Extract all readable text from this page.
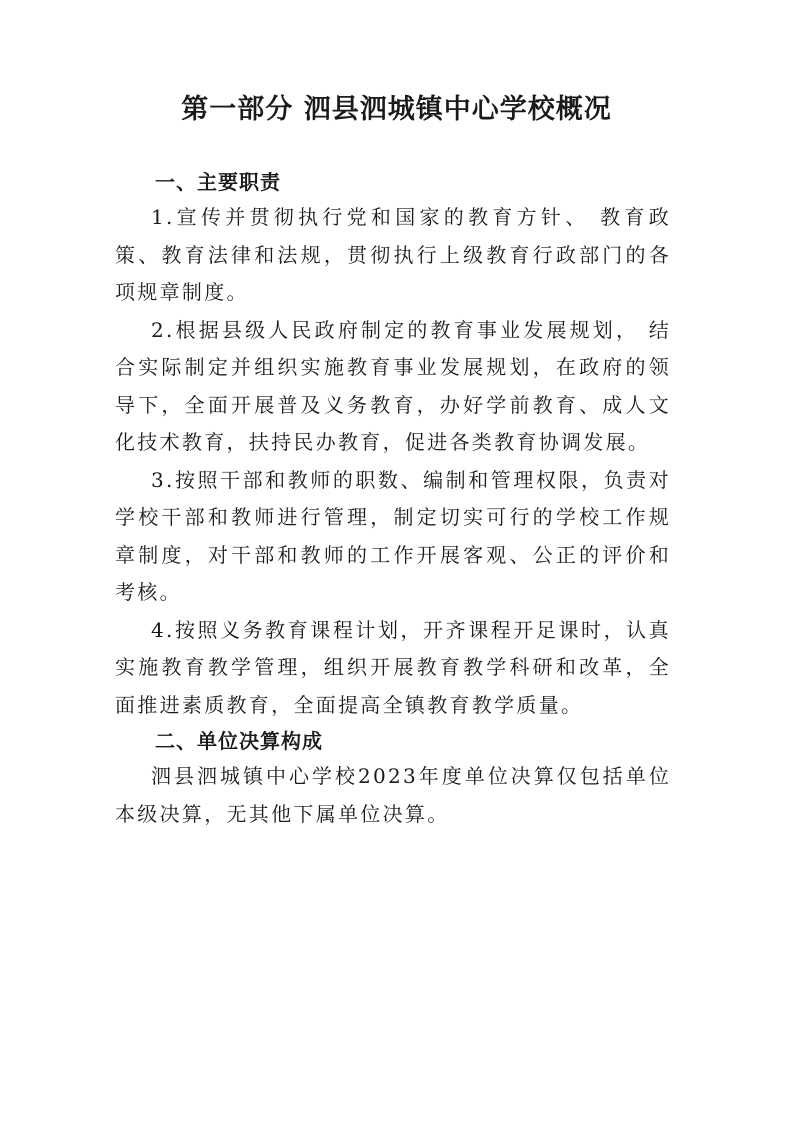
第一部分 泗县泗城镇中心学校概况
一、主要职责

1.宣传并贯彻执行党和国家的教育方针、 教育政策、教育法律和法规，贯彻执行上级教育行政部门的各项规章制度。

2.根据县级人民政府制定的教育事业发展规划， 结合实际制定并组织实施教育事业发展规划，在政府的领导下，全面开展普及义务教育，办好学前教育、成人文化技术教育，扶持民办教育，促进各类教育协调发展。

3.按照干部和教师的职数、编制和管理权限，负责对学校干部和教师进行管理，制定切实可行的学校工作规章制度，对干部和教师的工作开展客观、公正的评价和考核。

4.按照义务教育课程计划，开齐课程开足课时，认真实施教育教学管理，组织开展教育教学科研和改革，全面推进素质教育，全面提高全镇教育教学质量。

二、单位决算构成

泗县泗城镇中心学校2023年度单位决算仅包括单位本级决算，无其他下属单位决算。
